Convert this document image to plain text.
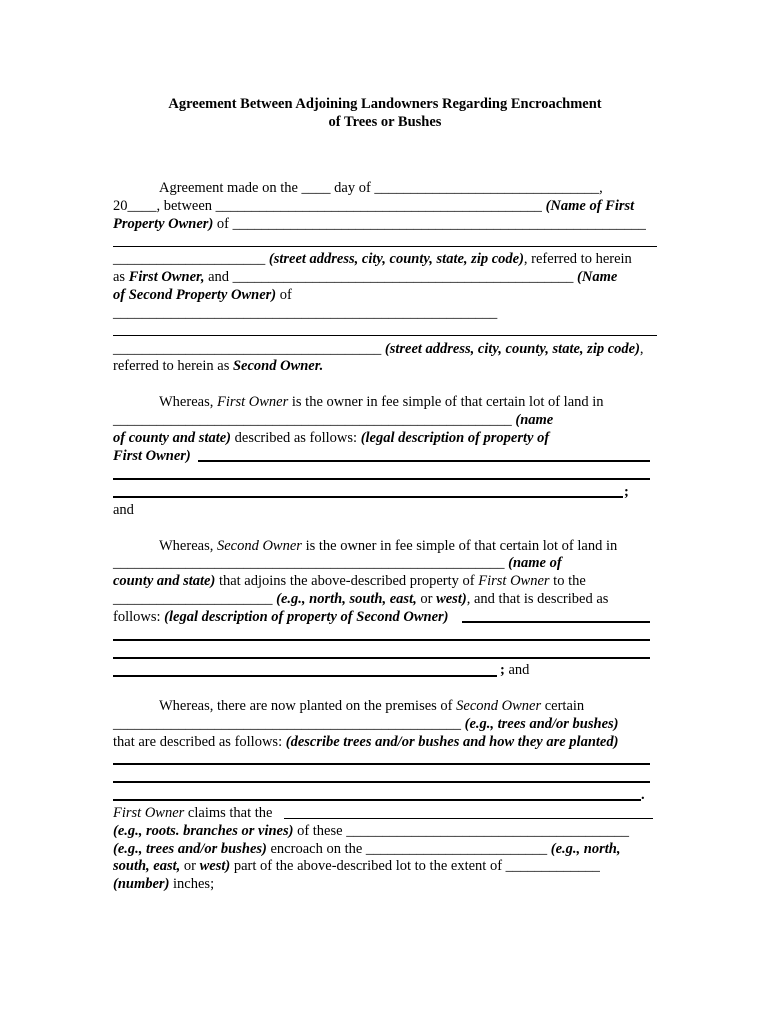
Agreement Between Adjoining Landowners Regarding Encroachment
of Trees or Bushes
Agreement made on the ____ day of _______________________________,
20____, between _____________________________________________ (Name of First
Property Owner) of _________________________________________________________
_____________________ (street address, city, county, state, zip code), referred to herein
as First Owner, and _______________________________________________ (Name
of Second Property Owner) of
_____________________________________________________
_____________________________________ (street address, city, county, state, zip code),
referred to herein as Second Owner.
Whereas, First Owner is the owner in fee simple of that certain lot of land in
_______________________________________________________ (name
of county and state) described as follows: (legal description of property of
First Owner)
;
and
Whereas, Second Owner is the owner in fee simple of that certain lot of land in
______________________________________________________ (name of
county and state) that adjoins the above-described property of First Owner to the
______________________ (e.g., north, south, east, or west), and that is described as
follows: (legal description of property of Second Owner)
; and
Whereas, there are now planted on the premises of Second Owner certain
________________________________________________ (e.g., trees and/or bushes)
that are described as follows: (describe trees and/or bushes and how they are planted)
.
First Owner claims that the
(e.g., roots. branches or vines) of these _______________________________________
(e.g., trees and/or bushes) encroach on the _________________________ (e.g., north,
south, east, or west) part of the above-described lot to the extent of _____________
(number) inches;
